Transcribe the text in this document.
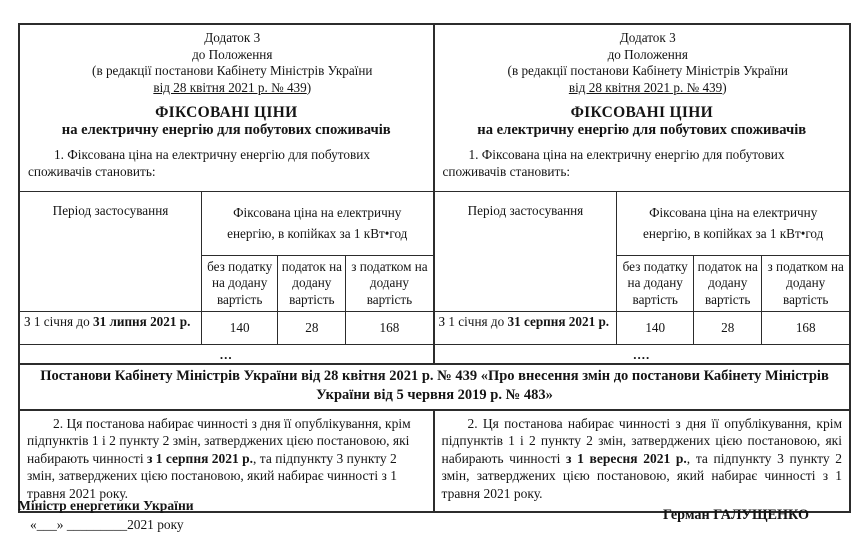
Додаток 3
до Положення
(в редакції постанови Кабінету Міністрів України
від 28 квітня 2021 р. № 439)
ФІКСОВАНІ ЦІНИ
на електричну енергію для побутових споживачів
1. Фіксована ціна на електричну енергію для побутових споживачів становить:
Період застосування	Фіксована ціна на електричну енергію, в копійках за 1 кВт•год		
	без податку на додану вартість	податок на додану вартість	з податком на додану вартість
З 1 січня до 31 липня 2021 р.	140	28	168
...
Додаток 3
до Положення
(в редакції постанови Кабінету Міністрів України
від 28 квітня 2021 р. № 439)
ФІКСОВАНІ ЦІНИ
на електричну енергію для побутових споживачів
1. Фіксована ціна на електричну енергію для побутових споживачів становить:
Період застосування	Фіксована ціна на електричну енергію, в копійках за 1 кВт•год		
	без податку на додану вартість	податок на додану вартість	з податком на додану вартість
З 1 січня до 31 серпня 2021 р.	140	28	168
....
Постанови Кабінету Міністрів України від 28 квітня 2021 р. № 439 «Про внесення змін до постанови Кабінету Міністрів України від 5 червня 2019 р. № 483»

2. Ця постанова набирає чинності з дня її опублікування, крім підпунктів 1 і 2 пункту 2 змін, затверджених цією постановою, які набирають чинності з 1 серпня 2021 р., та підпункту 3 пункту 2 змін, затверджених цією постановою, який набирає чинності з 1 травня 2021 року.

2. Ця постанова набирає чинності з дня її опублікування, крім підпунктів 1 і 2 пункту 2 змін, затверджених цією постановою, які набирають чинності з 1 вересня 2021 р., та підпункту 3 пункту 2 змін, затверджених цією постановою, який набирає чинності з 1 травня 2021 року.

Міністр енергетики України
«___» _________2021 року
Герман ГАЛУЩЕНКО
